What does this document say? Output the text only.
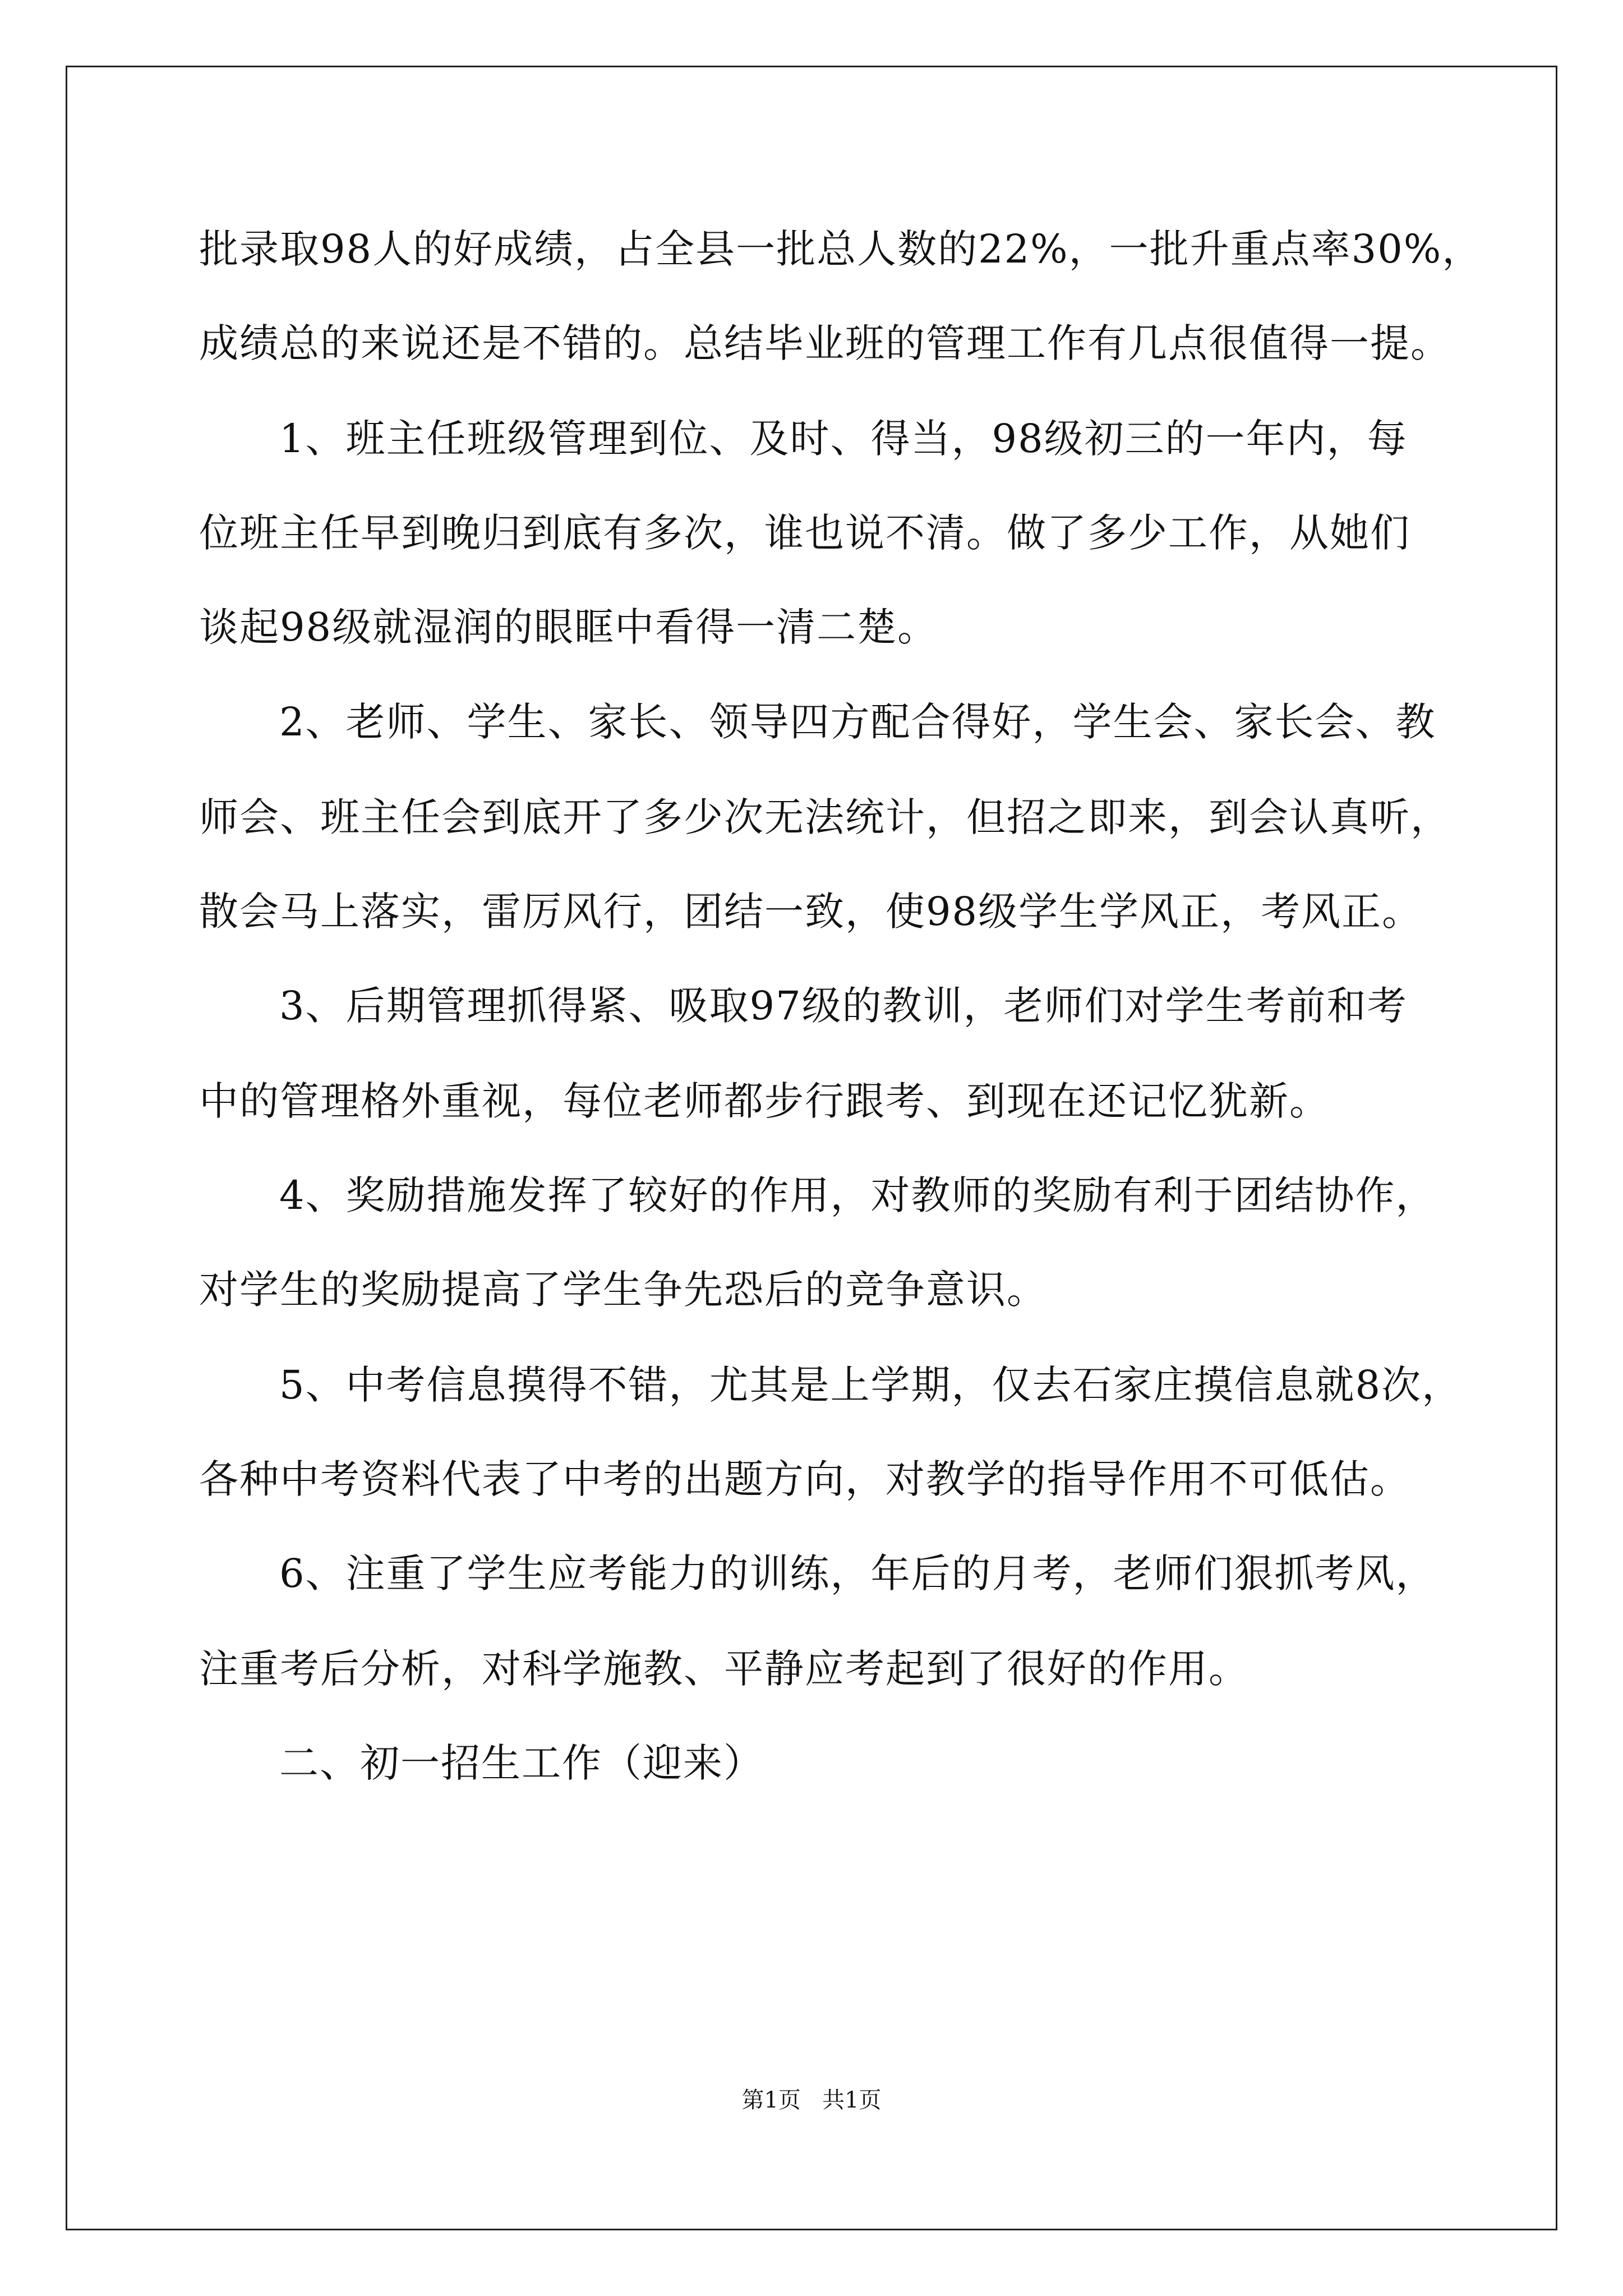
批录取98人的好成绩，占全县一批总人数的22%，一批升重点率30%，
成绩总的来说还是不错的。总结毕业班的管理工作有几点很值得一提。
1、班主任班级管理到位、及时、得当，98级初三的一年内，每
位班主任早到晚归到底有多次，谁也说不清。做了多少工作，从她们
谈起98级就湿润的眼眶中看得一清二楚。
2、老师、学生、家长、领导四方配合得好，学生会、家长会、教
师会、班主任会到底开了多少次无法统计，但招之即来，到会认真听，
散会马上落实，雷厉风行，团结一致，使98级学生学风正，考风正。
3、后期管理抓得紧、吸取97级的教训，老师们对学生考前和考
中的管理格外重视，每位老师都步行跟考、到现在还记忆犹新。
4、奖励措施发挥了较好的作用，对教师的奖励有利于团结协作，
对学生的奖励提高了学生争先恐后的竞争意识。
5、中考信息摸得不错，尤其是上学期，仅去石家庄摸信息就8次，
各种中考资料代表了中考的出题方向，对教学的指导作用不可低估。
6、注重了学生应考能力的训练，年后的月考，老师们狠抓考风，
注重考后分析，对科学施教、平静应考起到了很好的作用。
二、初一招生工作（迎来）
第1页   共1页
